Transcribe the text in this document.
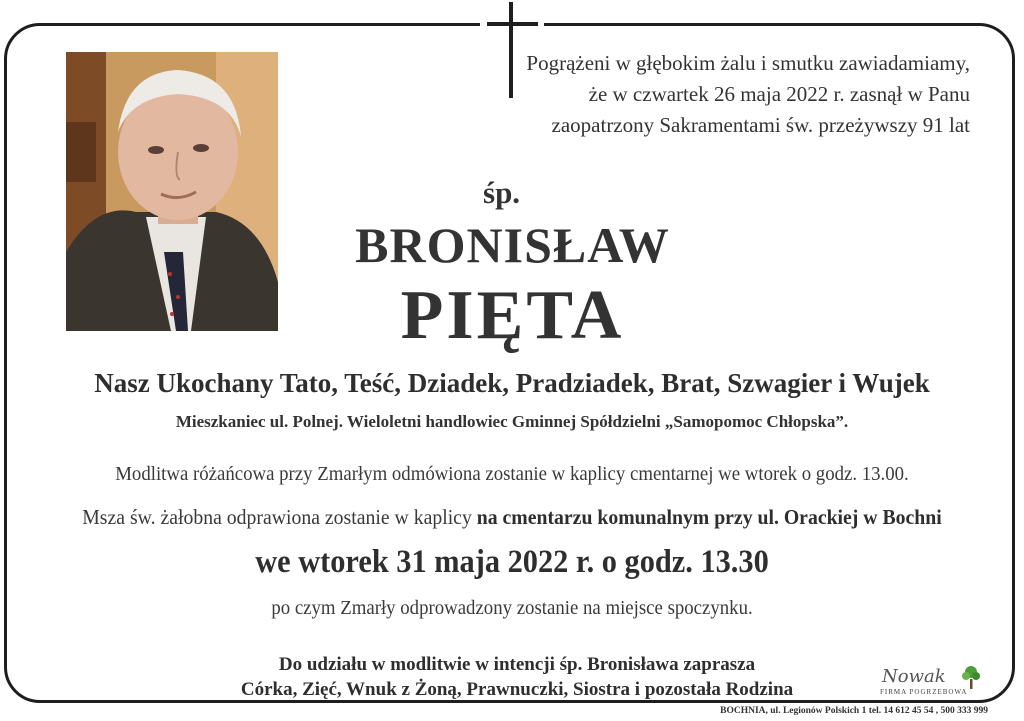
Pogrążeni w głębokim żalu i smutku zawiadamiamy,
że w czwartek 26 maja 2022 r. zasnął w Panu
zaopatrzony Sakramentami św. przeżywszy 91 lat
śp.
BRONISŁAW
PIĘTA
Nasz Ukochany Tato, Teść, Dziadek, Pradziadek, Brat, Szwagier i Wujek
Mieszkaniec ul. Polnej. Wieloletni handlowiec Gminnej Spółdzielni „Samopomoc Chłopska”.
Modlitwa różańcowa przy Zmarłym odmówiona zostanie w kaplicy cmentarnej we wtorek o godz. 13.00.
Msza św. żałobna odprawiona zostanie w kaplicy na cmentarzu komunalnym przy ul. Orackiej w Bochni
we wtorek 31 maja 2022 r. o godz. 13.30
po czym Zmarły odprowadzony zostanie na miejsce spoczynku.
Do udziału w modlitwie w intencji śp. Bronisława zaprasza
Córka, Zięć, Wnuk z Żoną, Prawnuczki, Siostra i pozostała Rodzina
Nowak
FIRMA POGRZEBOWA
BOCHNIA, ul. Legionów Polskich 1 tel. 14 612 45 54 , 500 333 999
